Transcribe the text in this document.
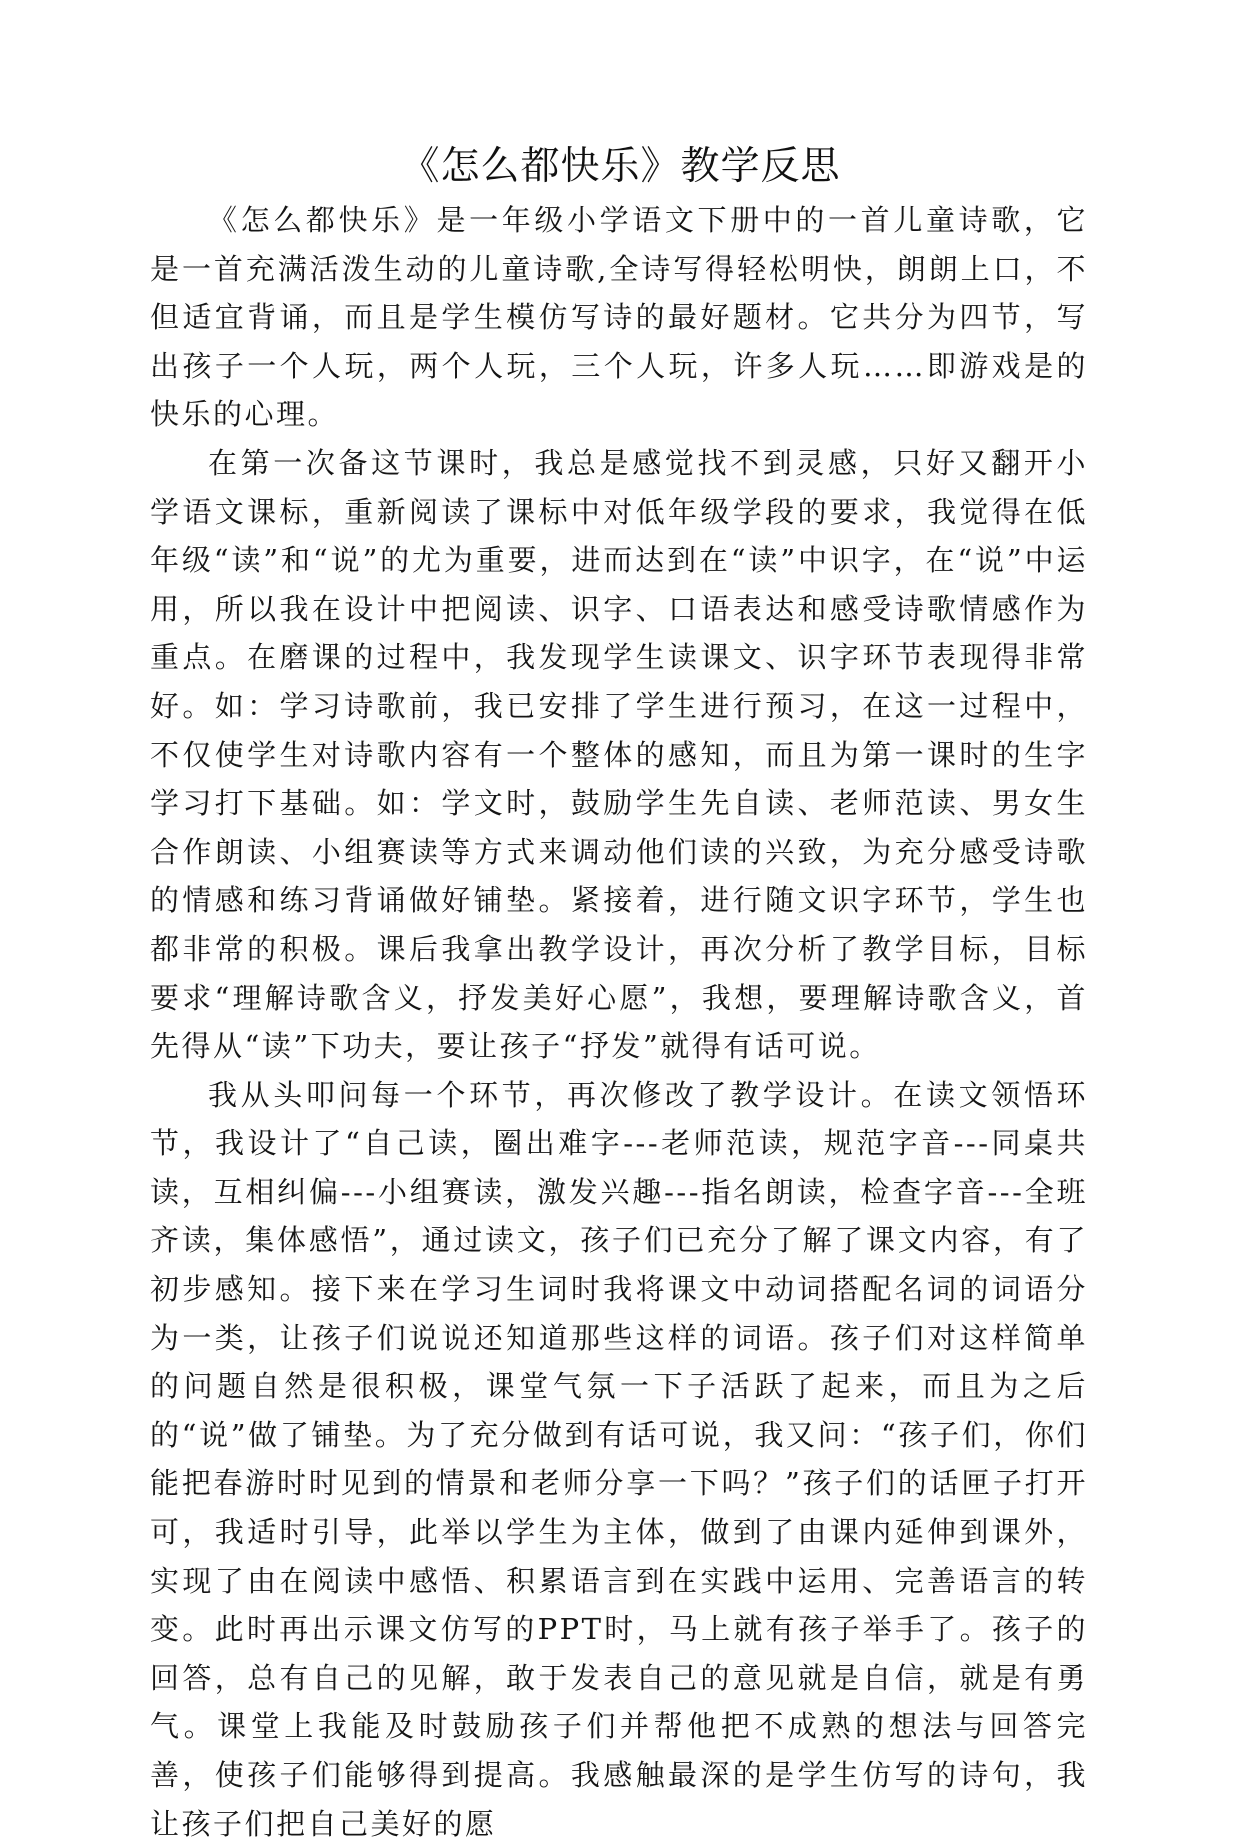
《怎么都快乐》教学反思

《怎么都快乐》是一年级小学语文下册中的一首儿童诗歌，它是一首充满活泼生动的儿童诗歌,全诗写得轻松明快，朗朗上口，不但适宜背诵，而且是学生模仿写诗的最好题材。它共分为四节，写出孩子一个人玩，两个人玩，三个人玩，许多人玩……即游戏是的快乐的心理。

在第一次备这节课时，我总是感觉找不到灵感，只好又翻开小学语文课标，重新阅读了课标中对低年级学段的要求，我觉得在低年级“读”和“说”的尤为重要，进而达到在“读”中识字，在“说”中运用，所以我在设计中把阅读、识字、口语表达和感受诗歌情感作为重点。在磨课的过程中，我发现学生读课文、识字环节表现得非常好。如：学习诗歌前，我已安排了学生进行预习，在这一过程中，不仅使学生对诗歌内容有一个整体的感知，而且为第一课时的生字学习打下基础。如：学文时，鼓励学生先自读、老师范读、男女生合作朗读、小组赛读等方式来调动他们读的兴致，为充分感受诗歌的情感和练习背诵做好铺垫。紧接着，进行随文识字环节，学生也都非常的积极。课后我拿出教学设计，再次分析了教学目标，目标要求“理解诗歌含义，抒发美好心愿”，我想，要理解诗歌含义，首先得从“读”下功夫，要让孩子“抒发”就得有话可说。

我从头叩问每一个环节，再次修改了教学设计。在读文领悟环节，我设计了“自己读，圈出难字---老师范读，规范字音---同桌共读，互相纠偏---小组赛读，激发兴趣---指名朗读，检查字音---全班齐读，集体感悟”，通过读文，孩子们已充分了解了课文内容，有了初步感知。接下来在学习生词时我将课文中动词搭配名词的词语分为一类，让孩子们说说还知道那些这样的词语。孩子们对这样简单的问题自然是很积极，课堂气氛一下子活跃了起来，而且为之后的“说”做了铺垫。为了充分做到有话可说，我又问：“孩子们，你们能把春游时时见到的情景和老师分享一下吗？”孩子们的话匣子打开可，我适时引导，此举以学生为主体，做到了由课内延伸到课外，实现了由在阅读中感悟、积累语言到在实践中运用、完善语言的转变。此时再出示课文仿写的PPT时，马上就有孩子举手了。孩子的回答，总有自己的见解，敢于发表自己的意见就是自信，就是有勇气。课堂上我能及时鼓励孩子们并帮他把不成熟的想法与回答完善，使孩子们能够得到提高。我感触最深的是学生仿写的诗句，我让孩子们把自己美好的愿
